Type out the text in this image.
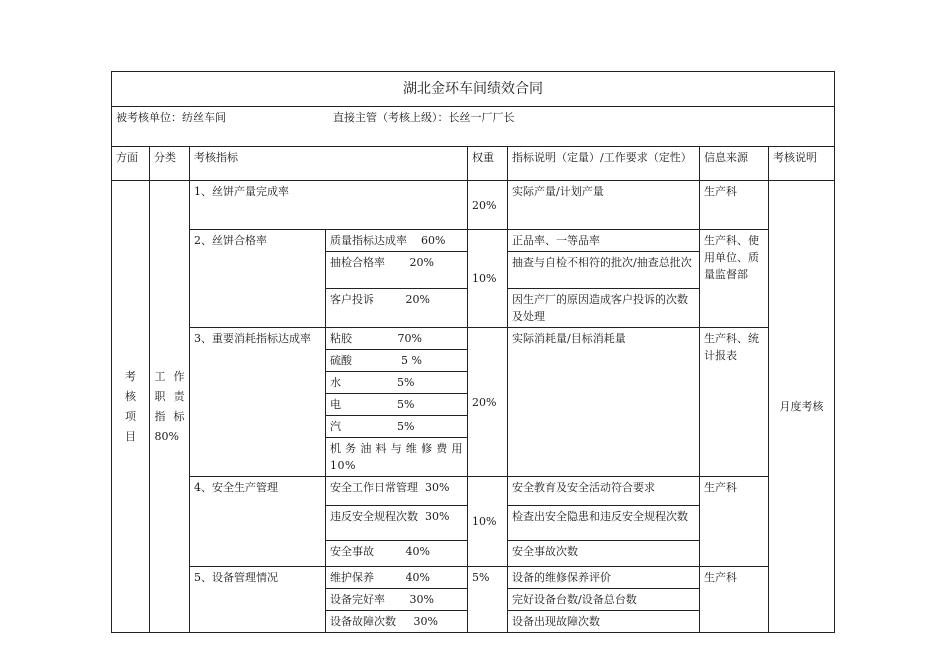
湖北金环车间绩效合同							
被考核单位：纺丝车间 直接主管（考核上级）：长丝一厂厂长							
方面	分类	考核指标		权重	指标说明（定量）/工作要求（定性）	信息来源	考核说明

考核项目	工 作 职 责 指标 80%	1、丝饼产量完成率		20%	实际产量/计划产量	生产科	月度考核
		2、丝饼合格率	质量指标达成率    60%	10%	正品率、一等品率	生产科、使用单位、质量监督部	
			抽检合格率       20%		抽查与自检不相符的批次/抽查总批次		
			客户投诉         20%		因生产厂的原因造成客户投诉的次数及处理		
		3、重要消耗指标达成率	粘胶             70%	20%	实际消耗量/目标消耗量	生产科、统计报表	
			硫酸              5 %				
			水                5%				
			电                5%				
			汽                5%				
			机务油料与维修费用 10%				
		4、安全生产管理	安全工作日常管理  30%	10%	安全教育及安全活动符合要求	生产科	
			违反安全规程次数  30%		检查出安全隐患和违反安全规程次数		
			安全事故         40%		安全事故次数		
		5、设备管理情况	维护保养         40%	5%	设备的维修保养评价	生产科	
			设备完好率       30%		完好设备台数/设备总台数		
			设备故障次数     30%		设备出现故障次数		
